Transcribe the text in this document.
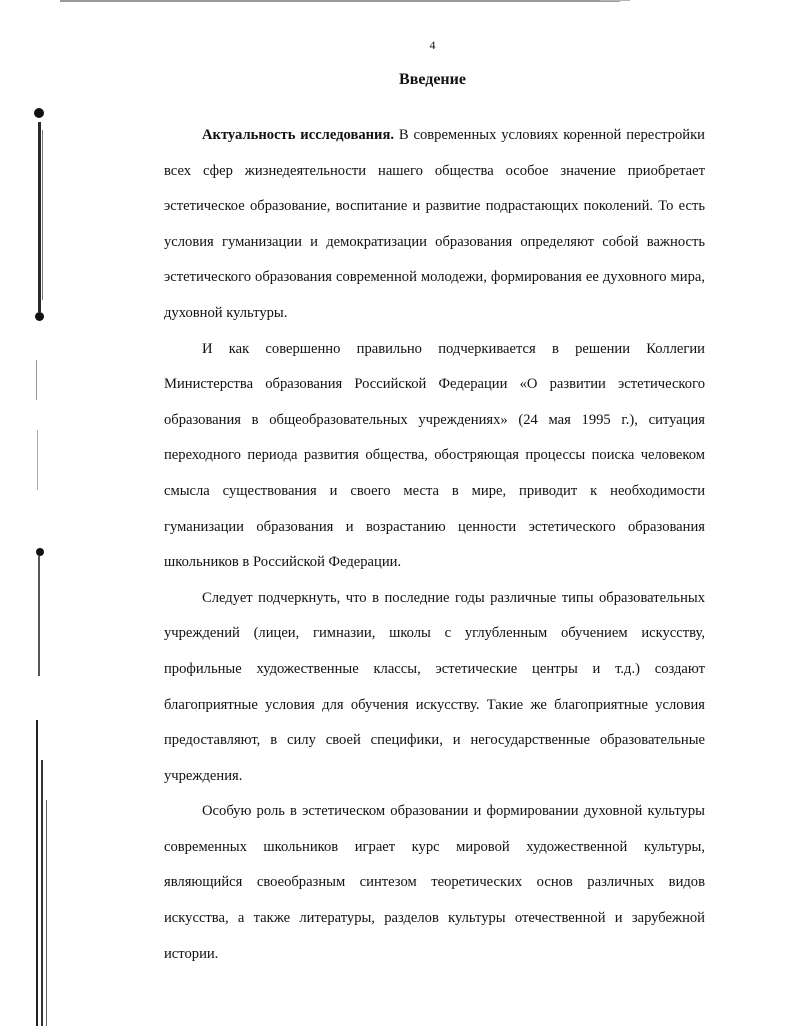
4
Введение

Актуальность исследования. В современных условиях коренной перестройки всех сфер жизнедеятельности нашего общества особое значение приобретает эстетическое образование, воспитание и развитие подрастающих поколений. То есть условия гуманизации и демократизации образования определяют собой важность эстетического образования современной молодежи, формирования ее духовного мира, духовной культуры.

И как совершенно правильно подчеркивается в решении Коллегии Министерства образования Российской Федерации «О развитии эстетического образования в общеобразовательных учреждениях» (24 мая 1995 г.), ситуация переходного периода развития общества, обостряющая процессы поиска человеком смысла существования и своего места в мире, приводит к необходимости гуманизации образования и возрастанию ценности эстетического образования школьников в Российской Федерации.

Следует подчеркнуть, что в последние годы различные типы образовательных учреждений (лицеи, гимназии, школы с углубленным обучением искусству, профильные художественные классы, эстетические центры и т.д.) создают благоприятные условия для обучения искусству. Такие же благоприятные условия предоставляют, в силу своей специфики, и негосударственные образовательные учреждения.

Особую роль в эстетическом образовании и формировании духовной культуры современных школьников играет курс мировой художественной культуры, являющийся своеобразным синтезом теоретических основ различных видов искусства, а также литературы, разделов культуры отечественной и зарубежной истории.
